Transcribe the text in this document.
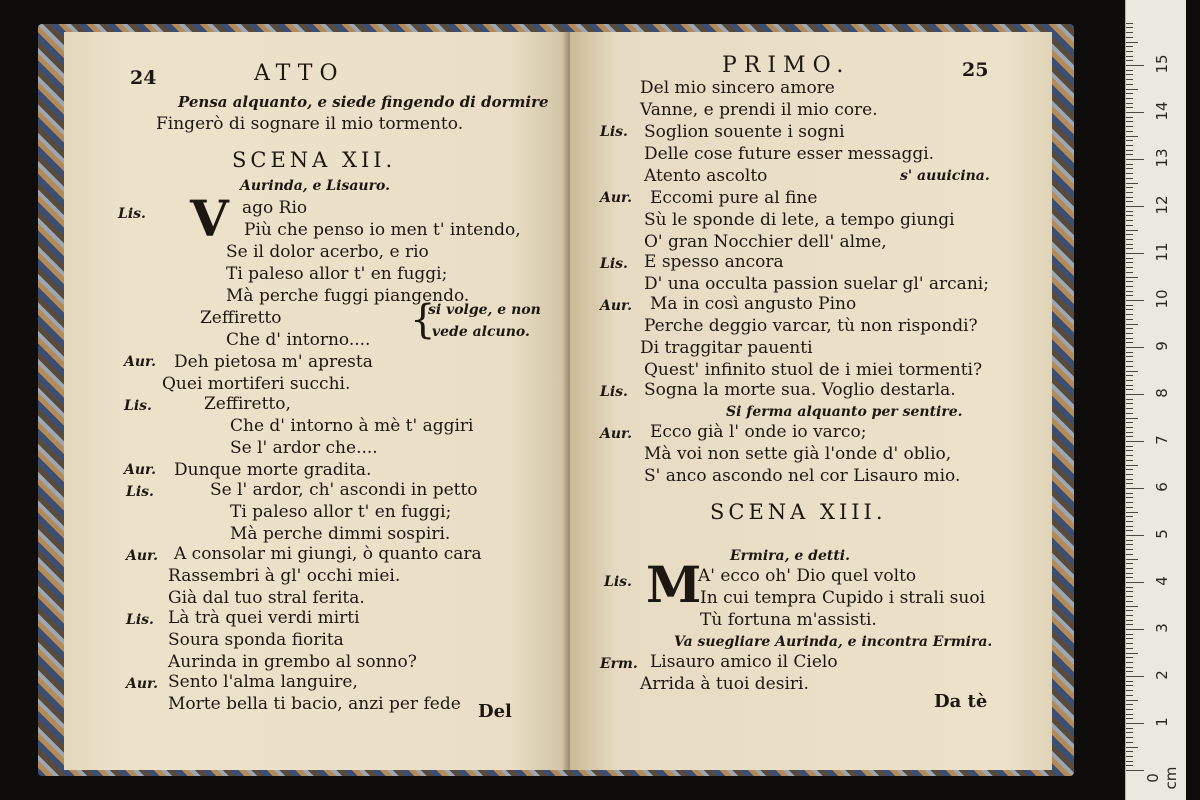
24	ATTO
Pensa alquanto, e siede fingendo di dormire
Fingerò di sognare il mio tormento.
SCENA XII.
Aurinda, e Lisauro.
Lis. V ago Rio
Più che penso io men t' intendo,
Se il dolor acerbo, e rio
Ti paleso allor t' en fuggi;
Mà perche fuggi piangendo.
Zeffiretto
Che d' intorno.... {
si volge, e non
vede alcuno.
Aur. Deh pietosa m' apresta
Quei mortiferi succhi.
Lis.	Zeffiretto,
Che d' intorno à mè t' aggiri
Se l' ardor che....
Aur. Dunque morte gradita.
Lis.	Se l' ardor, ch' ascondi in petto
Ti paleso allor t' en fuggi;
Mà perche dimmi sospiri.
Aur. A consolar mi giungi, ò quanto cara
Rassembri à gl' occhi miei.
Già dal tuo stral ferita.
Lis. Là trà quei verdi mirti
Soura sponda fiorita
Aurinda in grembo al sonno?
Aur. Sento l'alma languire,
Morte bella ti bacio, anzi per fede Del
PRIMO.	25
Del mio sincero amore
Vanne, e prendi il mio core.
Lis. Soglion souente i sogni
Delle cose future esser messaggi.
Atento ascolto	s' auuicina.
Aur. Eccomi pure al fine
Sù le sponde di lete, a tempo giungi
O' gran Nocchier dell' alme,
Lis. E spesso ancora
D' una occulta passion suelar gl' arcani;
Aur. Ma in così angusto Pino
Perche deggio varcar, tù non rispondi?
Di traggitar pauenti
Quest' infinito stuol de i miei tormenti?
Lis. Sogna la morte sua. Voglio destarla.
Si ferma alquanto per sentire.
Aur. Ecco già l' onde io varco;
Mà voi non sette già l'onde d' oblio,
S' anco ascondo nel cor Lisauro mio.
SCENA XIII.
Ermira, e detti.
Lis. M
A' ecco oh' Dio quel volto
In cui tempra Cupido i strali suoi
Tù fortuna m'assisti.
Va suegliare Aurinda, e incontra Ermira.
Erm. Lisauro amico il Cielo
Arrida à tuoi desiri.
Da tè
0 cm
1
2
3
4
5
6
7
8
9
10
11
12
13
14
15
